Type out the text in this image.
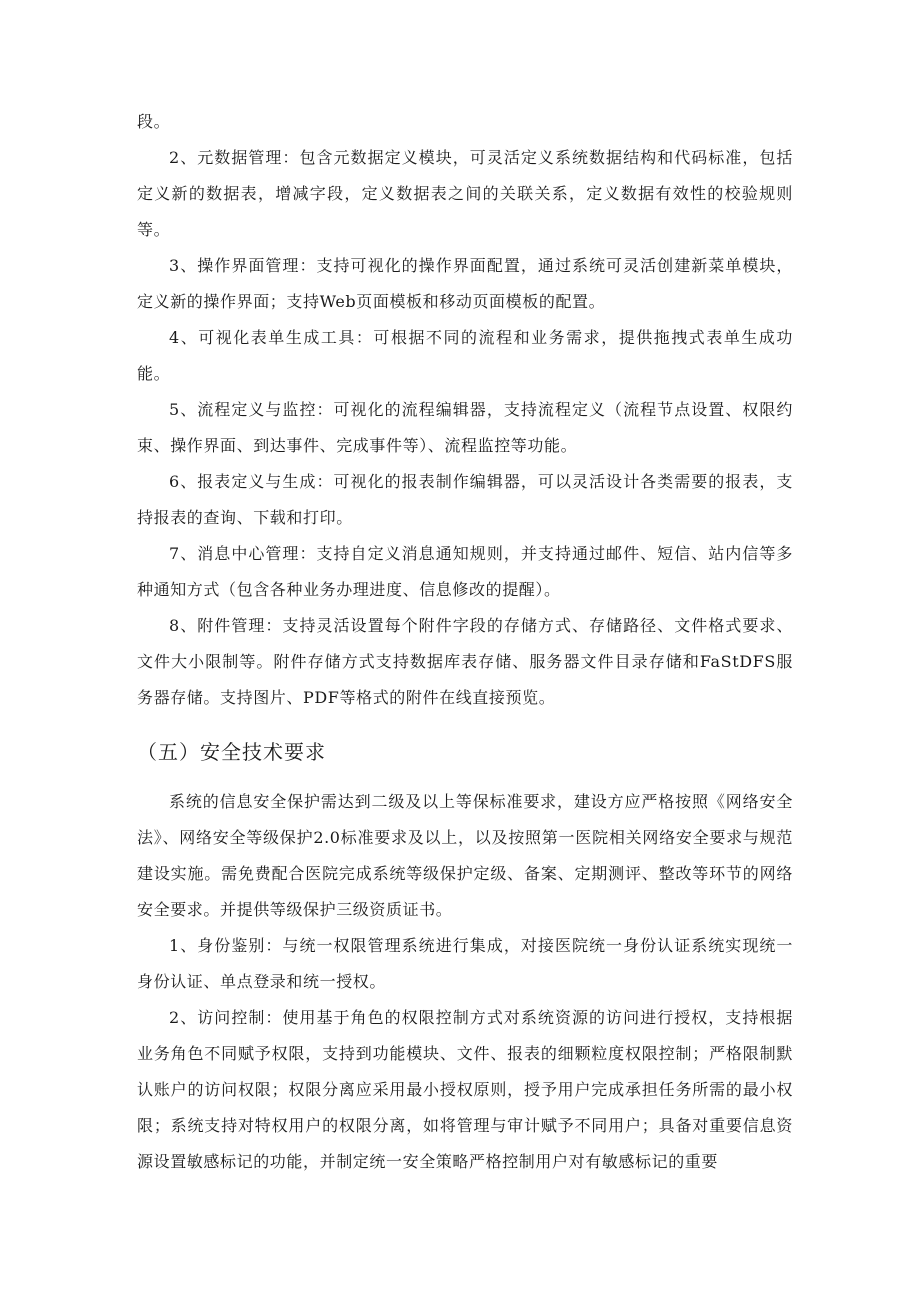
段。

2、元数据管理：包含元数据定义模块，可灵活定义系统数据结构和代码标准，包括定义新的数据表，增减字段，定义数据表之间的关联关系，定义数据有效性的校验规则等。

3、操作界面管理：支持可视化的操作界面配置，通过系统可灵活创建新菜单模块，定义新的操作界面；支持Web页面模板和移动页面模板的配置。

4、可视化表单生成工具：可根据不同的流程和业务需求，提供拖拽式表单生成功能。

5、流程定义与监控：可视化的流程编辑器，支持流程定义（流程节点设置、权限约束、操作界面、到达事件、完成事件等）、流程监控等功能。

6、报表定义与生成：可视化的报表制作编辑器，可以灵活设计各类需要的报表，支持报表的查询、下载和打印。

7、消息中心管理：支持自定义消息通知规则，并支持通过邮件、短信、站内信等多种通知方式（包含各种业务办理进度、信息修改的提醒）。

8、附件管理：支持灵活设置每个附件字段的存储方式、存储路径、文件格式要求、文件大小限制等。附件存储方式支持数据库表存储、服务器文件目录存储和FaStDFS服务器存储。支持图片、PDF等格式的附件在线直接预览。

（五）安全技术要求

系统的信息安全保护需达到二级及以上等保标准要求，建设方应严格按照《网络安全法》、网络安全等级保护2.0标准要求及以上，以及按照第一医院相关网络安全要求与规范建设实施。需免费配合医院完成系统等级保护定级、备案、定期测评、整改等环节的网络安全要求。并提供等级保护三级资质证书。

1、身份鉴别：与统一权限管理系统进行集成，对接医院统一身份认证系统实现统一身份认证、单点登录和统一授权。

2、访问控制：使用基于角色的权限控制方式对系统资源的访问进行授权，支持根据业务角色不同赋予权限，支持到功能模块、文件、报表的细颗粒度权限控制；严格限制默认账户的访问权限；权限分离应采用最小授权原则，授予用户完成承担任务所需的最小权限；系统支持对特权用户的权限分离，如将管理与审计赋予不同用户；具备对重要信息资源设置敏感标记的功能，并制定统一安全策略严格控制用户对有敏感标记的重要
